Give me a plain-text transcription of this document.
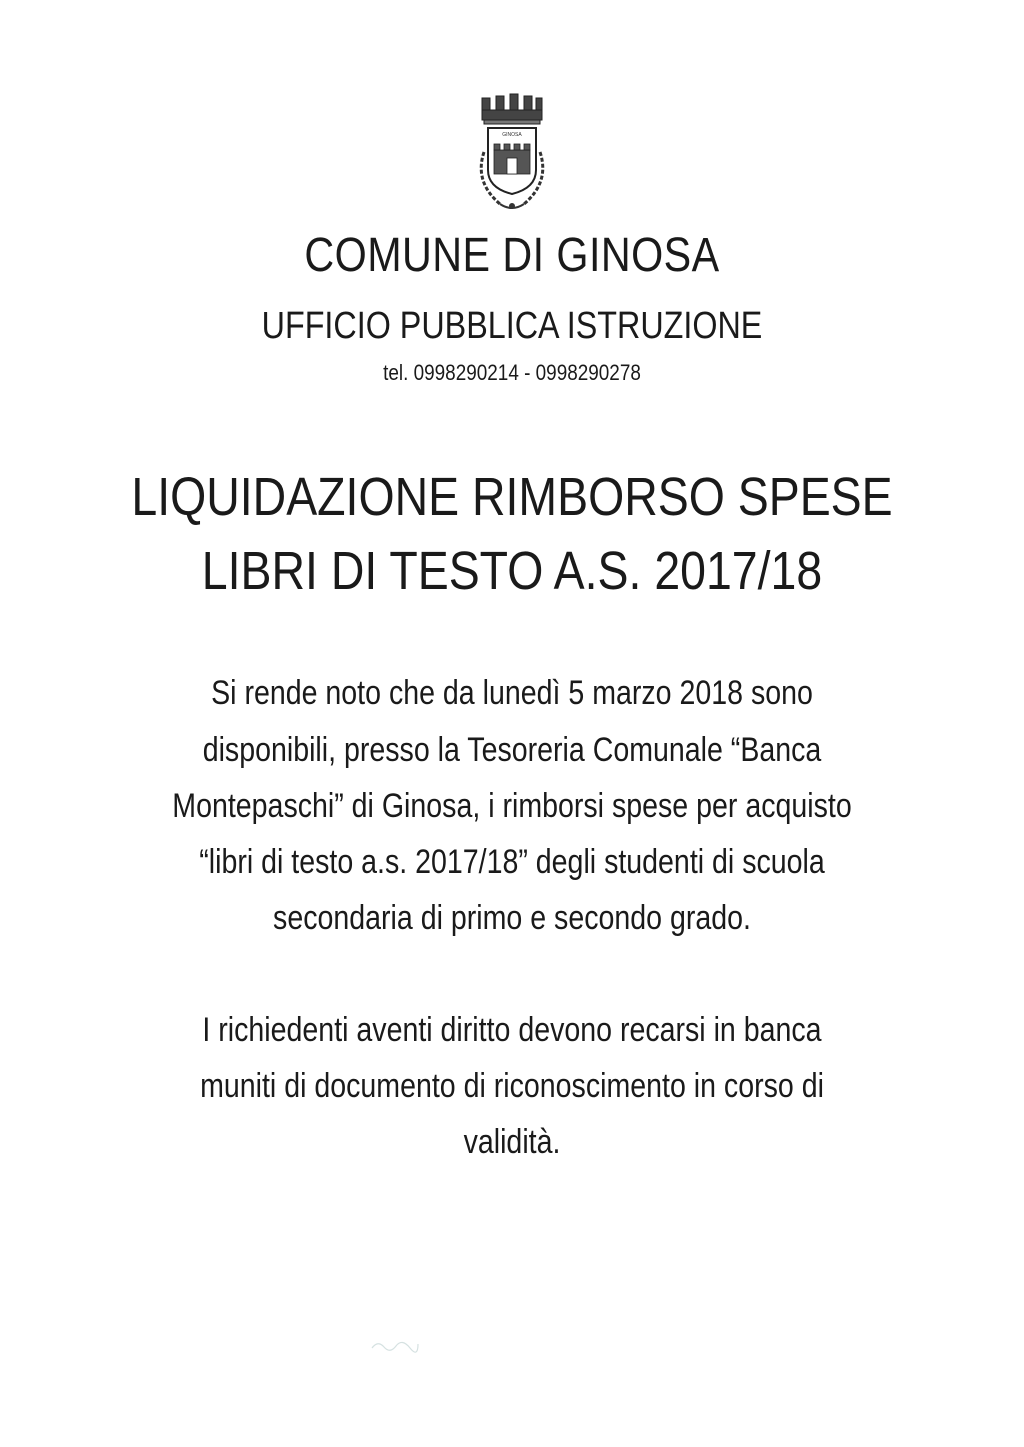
GINOSA
COMUNE DI GINOSA
UFFICIO PUBBLICA ISTRUZIONE
tel. 0998290214 - 0998290278
LIQUIDAZIONE RIMBORSO SPESE
LIBRI DI TESTO A.S. 2017/18
Si rende noto che da lunedì 5 marzo 2018 sono
disponibili, presso la Tesoreria Comunale “Banca
Montepaschi” di Ginosa, i rimborsi spese per acquisto
“libri di testo a.s. 2017/18” degli studenti di scuola
secondaria di primo e secondo grado.
I richiedenti aventi diritto devono recarsi in banca
muniti di documento di riconoscimento in corso di
validità.
